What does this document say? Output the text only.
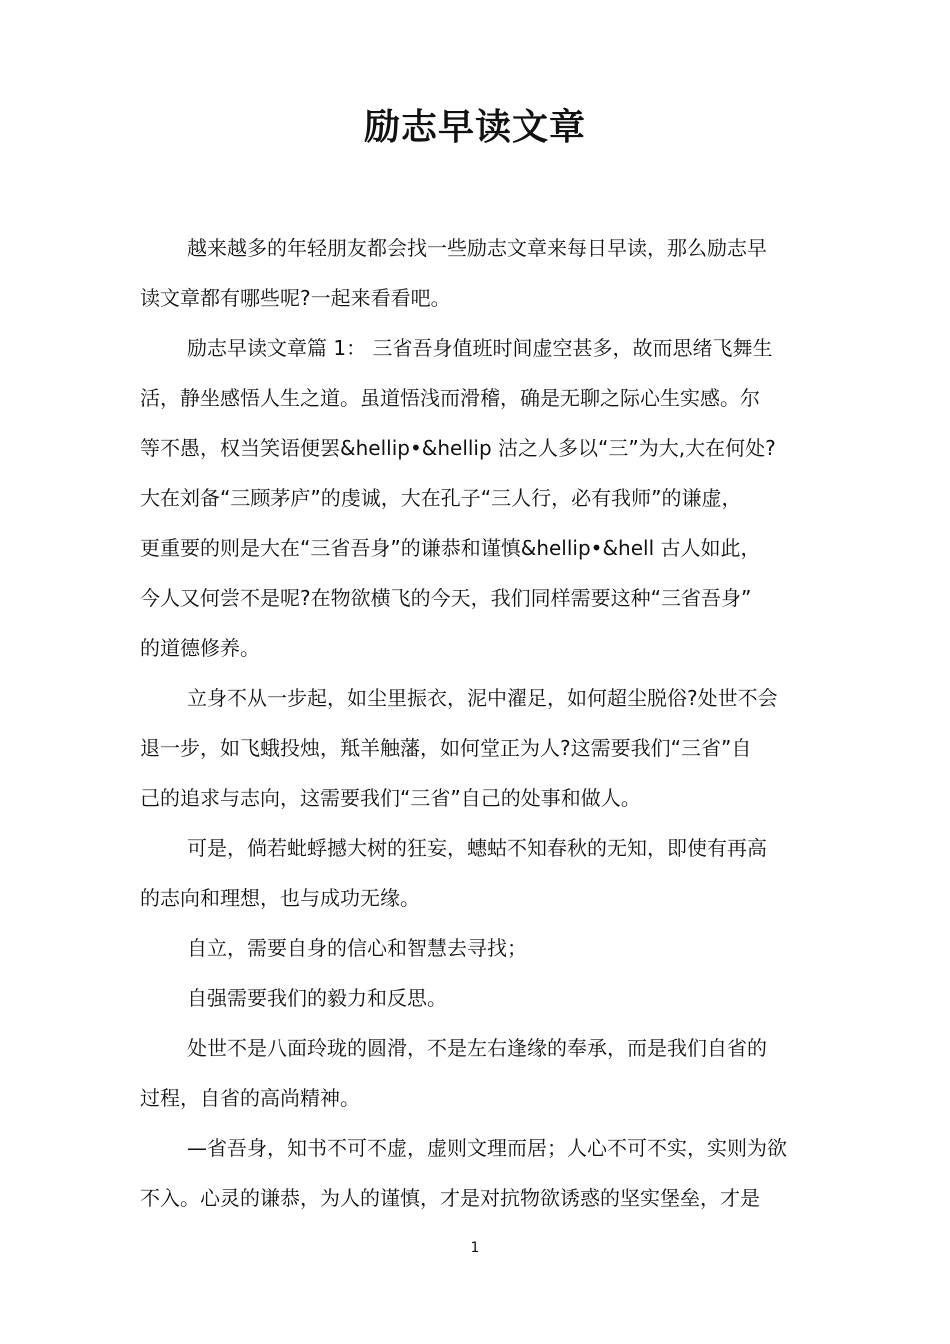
励志早读文章
越来越多的年轻朋友都会找一些励志文章来每日早读，那么励志早
读文章都有哪些呢?一起来看看吧。
励志早读文章篇 1： 三省吾身值班时间虚空甚多，故而思绪飞舞生
活，静坐感悟人生之道。虽道悟浅而滑稽，确是无聊之际心生实感。尔
等不愚，权当笑语便罢&hellip•&hellip 沽之人多以“三”为大,大在何处?
大在刘备“三顾茅庐”的虔诚，大在孔子“三人行，必有我师”的谦虚，
更重要的则是大在“三省吾身”的谦恭和谨慎&hellip•&hell 古人如此，
今人又何尝不是呢?在物欲横飞的今天，我们同样需要这种“三省吾身”
的道德修养。
立身不从一步起，如尘里振衣，泥中濯足，如何超尘脱俗?处世不会
退一步，如飞蛾投烛，羝羊触藩，如何堂正为人?这需要我们“三省”自
己的追求与志向，这需要我们“三省”自己的处事和做人。
可是，倘若蚍蜉撼大树的狂妄，蟪蛄不知春秋的无知，即使有再高
的志向和理想，也与成功无缘。
自立，需要自身的信心和智慧去寻找；
自强需要我们的毅力和反思。
处世不是八面玲珑的圆滑，不是左右逢缘的奉承，而是我们自省的
过程，自省的高尚精神。
—省吾身，知书不可不虚，虚则文理而居；人心不可不实，实则为欲
不入。心灵的谦恭，为人的谨慎，才是对抗物欲诱惑的坚实堡垒，才是
1
